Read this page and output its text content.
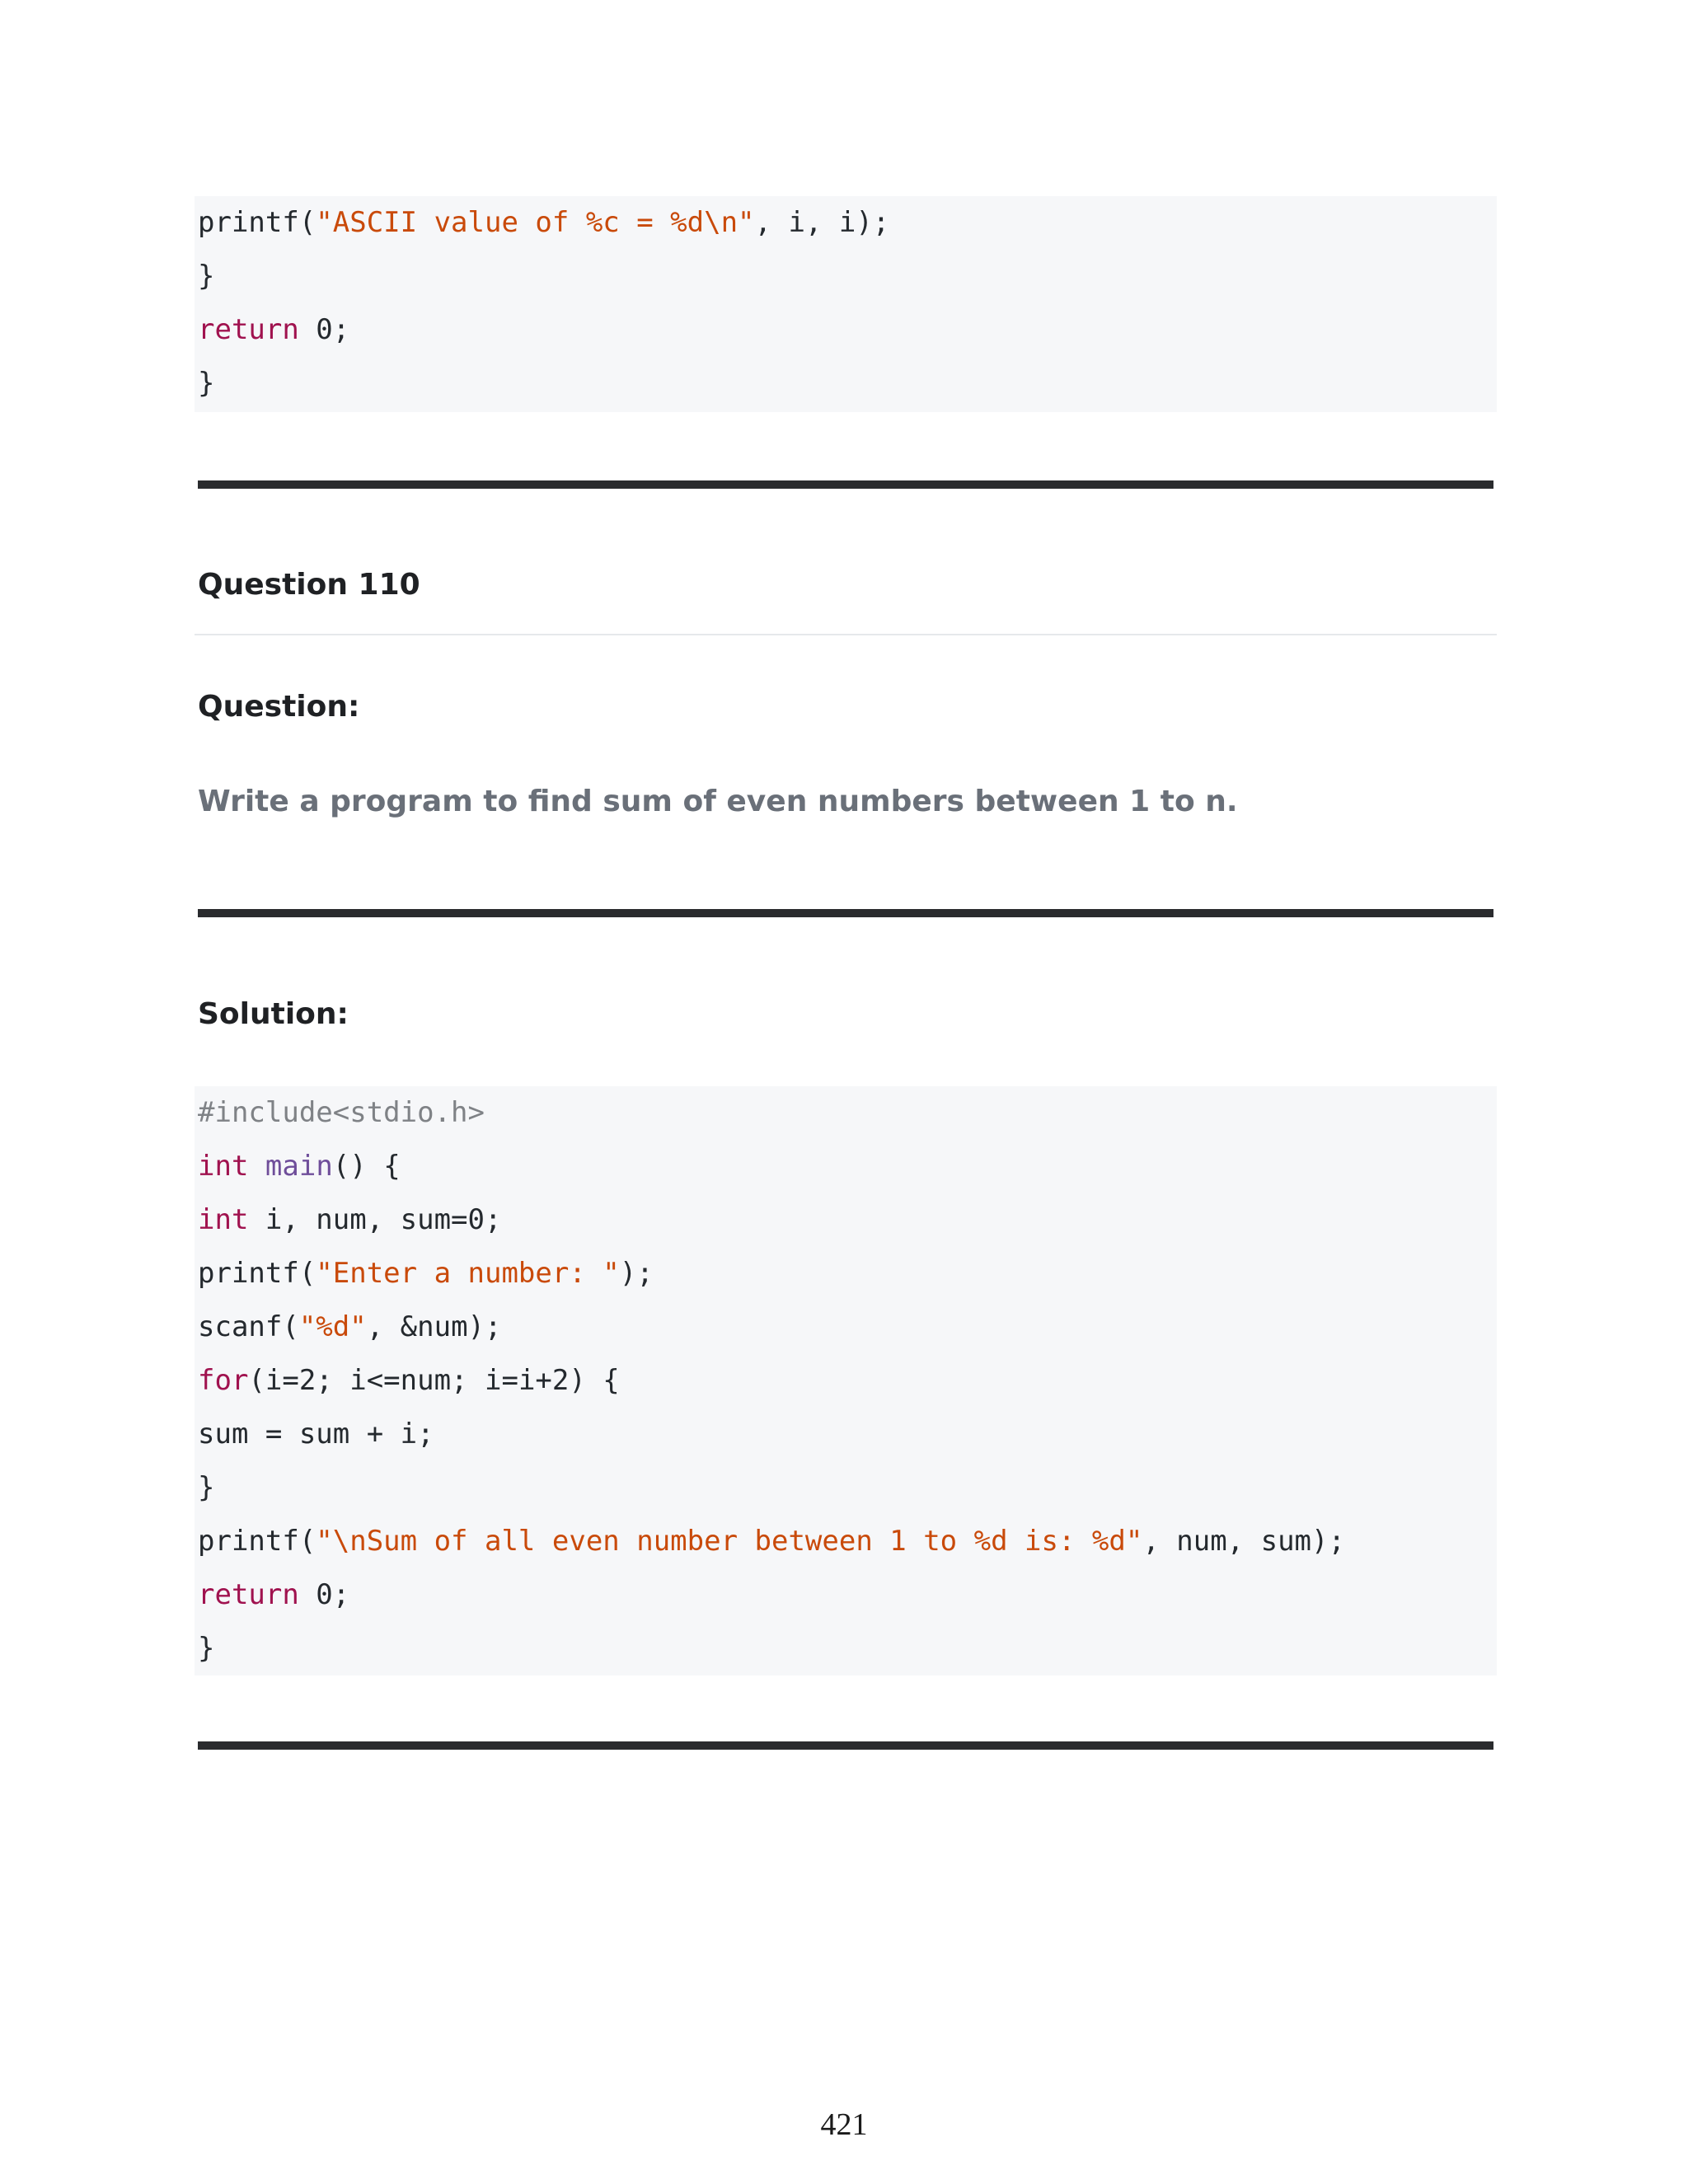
printf("ASCII value of %c = %d\n", i, i);
}
return 0;
}
Question 110
Question:
Write a program to find sum of even numbers between 1 to n.
Solution:
#include<stdio.h>
int main() {
int i, num, sum=0;
printf("Enter a number: ");
scanf("%d", &num);
for(i=2; i<=num; i=i+2) {
sum = sum + i;
}
printf("\nSum of all even number between 1 to %d is: %d", num, sum);
return 0;
}
421
